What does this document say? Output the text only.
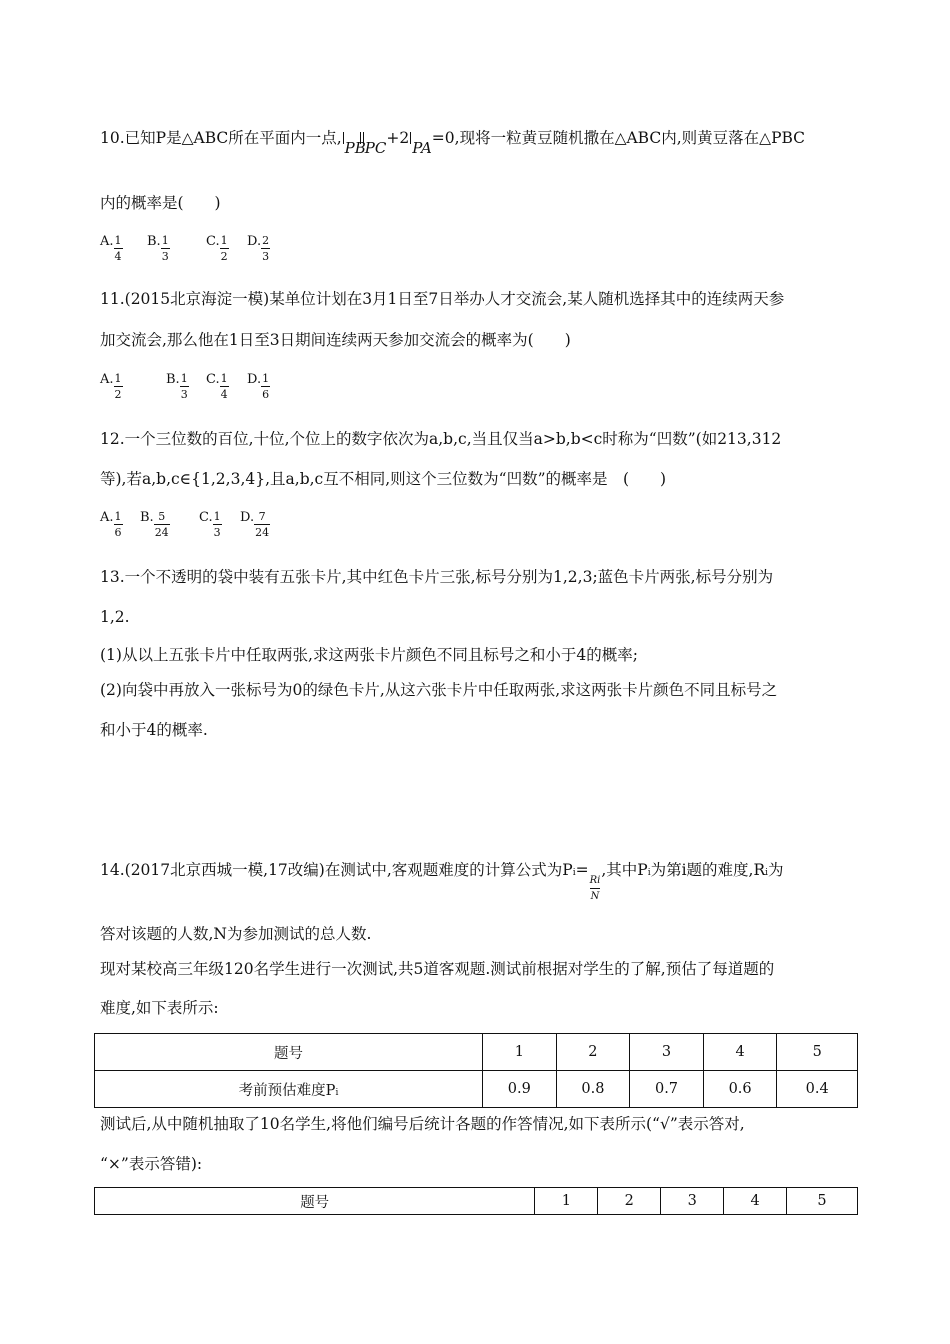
10.已知P是△ABC所在平面内一点,PBPC+2PA=0,现将一粒黄豆随机撒在△ABC内,则黄豆落在△PBC
内的概率是(　　)
A. $\frac{1}{4} B$. $\frac{1}{3}$	C. $\frac{1}{2} D$. $\frac{2}{3}$
11.(2015北京海淀一模)某单位计划在3月1日至7日举办人才交流会,某人随机选择其中的连续两天参
加交流会,那么他在1日至3日期间连续两天参加交流会的概率为(　　)
A. $\frac{1}{2}$	B. $\frac{1}{3} C$. $\frac{1}{4} D$. $\frac{1}{6}$
12.一个三位数的百位,十位,个位上的数字依次为a,b,c,当且仅当a>b,b<c时称为“凹数”(如213,312
等),若a,b,c∈{1,2,3,4},且a,b,c互不相同,则这个三位数为“凹数”的概率是　(　　)
A. $\frac{1}{6} B$. $\frac{5}{24} C$. $\frac{1}{3} D$. $\frac{7}{24}$
13.一个不透明的袋中装有五张卡片,其中红色卡片三张,标号分别为1,2,3;蓝色卡片两张,标号分别为
1,2.
(1)从以上五张卡片中任取两张,求这两张卡片颜色不同且标号之和小于4的概率;
(2)向袋中再放入一张标号为0的绿色卡片,从这六张卡片中任取两张,求这两张卡片颜色不同且标号之
和小于4的概率.
14.(2017北京西城一模,17改编)在测试中,客观题难度的计算公式为Pi=
$\frac{Ri}{N}$
,其中Pi为第i题的难度,Ri为
答对该题的人数,N为参加测试的总人数.
现对某校高三年级120名学生进行一次测试,共5道客观题.测试前根据对学生的了解,预估了每道题的
难度,如下表所示:
题号	1	2	3	4	5
考前预估难度Pi	0.9	0.8	0.7	0.6	0.4
测试后,从中随机抽取了10名学生,将他们编号后统计各题的作答情况,如下表所示(“√”表示答对,
“×”表示答错):
题号	1	2	3	4	5
